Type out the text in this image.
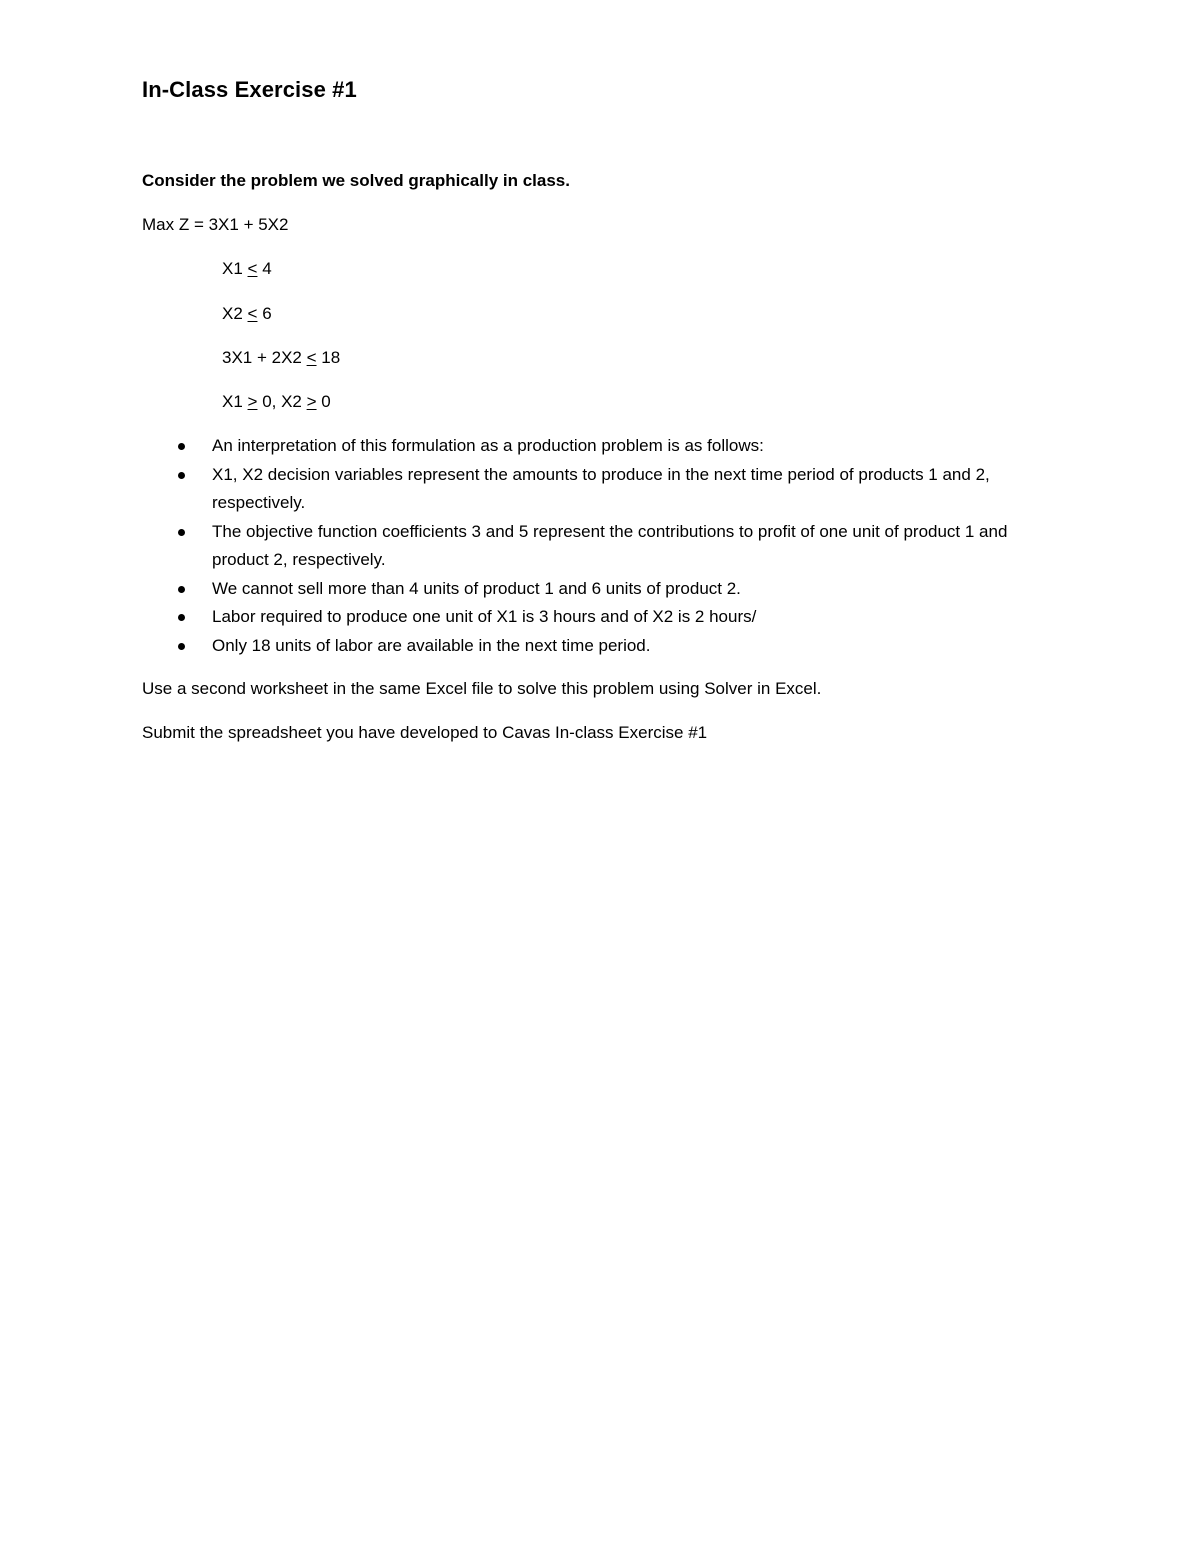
In-Class Exercise #1
Consider the problem we solved graphically in class.
Max Z = 3X1 + 5X2
X1 ≤ 4
X2 ≤ 6
3X1 + 2X2 ≤ 18
X1 ≥ 0, X2 ≥ 0
An interpretation of this formulation as a production problem is as follows:
X1, X2 decision variables represent the amounts to produce in the next time period of products 1 and 2, respectively.
The objective function coefficients 3 and 5 represent the contributions to profit of one unit of product 1 and product 2, respectively.
We cannot sell more than 4 units of product 1 and 6 units of product 2.
Labor required to produce one unit of X1 is 3 hours and of X2 is 2 hours/
Only 18 units of labor are available in the next time period.
Use a second worksheet in the same Excel file to solve this problem using Solver in Excel.
Submit the spreadsheet you have developed to Cavas In-class Exercise #1
